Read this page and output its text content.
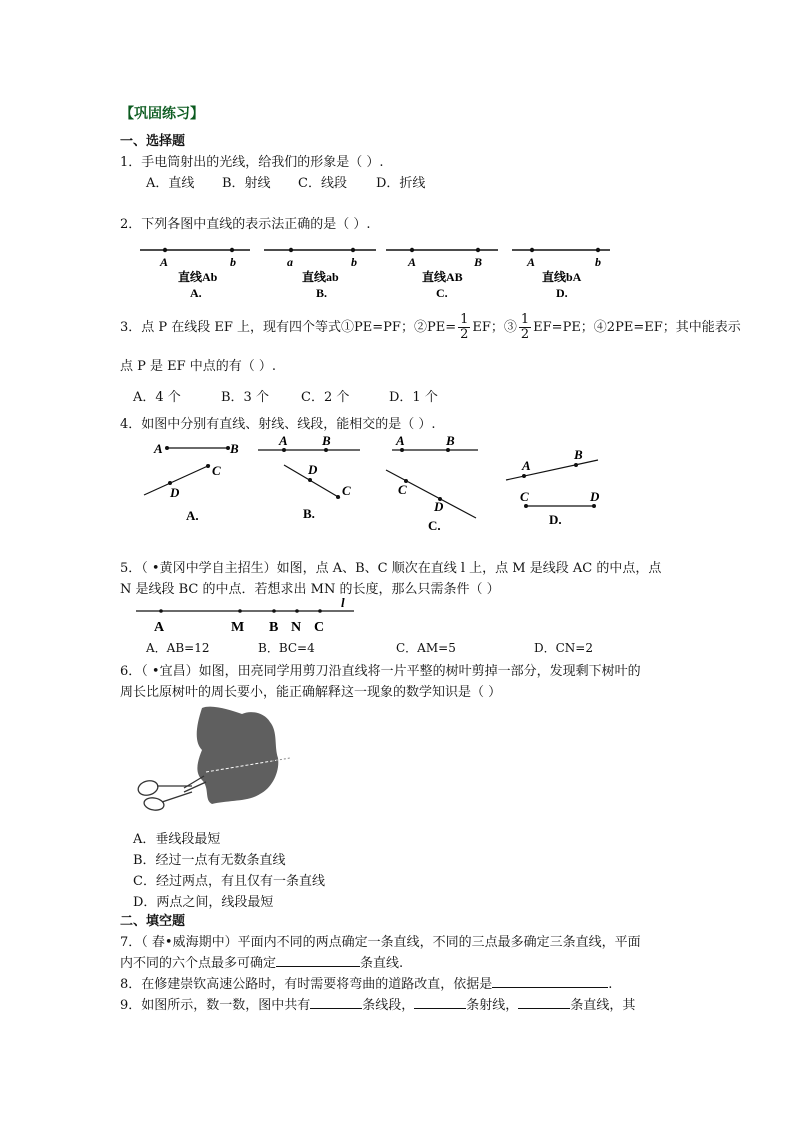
【巩固练习】
一、选择题
1．手电筒射出的光线，给我们的形象是（ ）.
A．直线 B．射线 C．线段 D．折线
2．下列各图中直线的表示法正确的是（ ）.
A	b
直线Ab
A.
a	b
直线ab
B.
A	B
直线AB
C.
A	b
直线bA
D.
3．点 P 在线段 EF 上，现有四个等式①PE=PF；②PE= $\frac{1}{2}$ EF；③ $\frac{1}{2} EF=PE$；④2PE=EF；其中能表示
点 P 是 EF 中点的有（ ）.
A．4 个	B．3 个 C．2 个	D．1 个
4．如图中分别有直线、射线、线段，能相交的是（ ）.
A	B
C
D
A.
A	B
D
C
B.
A	B
C
D
C.
A
B
C	D
D.
5．（ •黄冈中学自主招生）如图，点 A、B、C 顺次在直线 l 上，点 M 是线段 AC 的中点，点
N 是线段 BC 的中点．若想求出 MN 的长度，那么只需条件（ ）
A	M B N C
l
A．AB=12	B．BC=4	C．AM=5	D．CN=2
6．（ •宜昌）如图，田亮同学用剪刀沿直线将一片平整的树叶剪掉一部分，发现剩下树叶的
周长比原树叶的周长要小，能正确解释这一现象的数学知识是（ ）
A．垂线段最短
B．经过一点有无数条直线
C．经过两点，有且仅有一条直线
D．两点之间，线段最短
二、填空题
7．（ 春•威海期中）平面内不同的两点确定一条直线，不同的三点最多确定三条直线，平面
内不同的六个点最多可确定	条直线.
8．在修建崇钦高速公路时，有时需要将弯曲的道路改直，依据是	.
9．如图所示，数一数，图中共有	条线段，	条射线，	条直线，其
